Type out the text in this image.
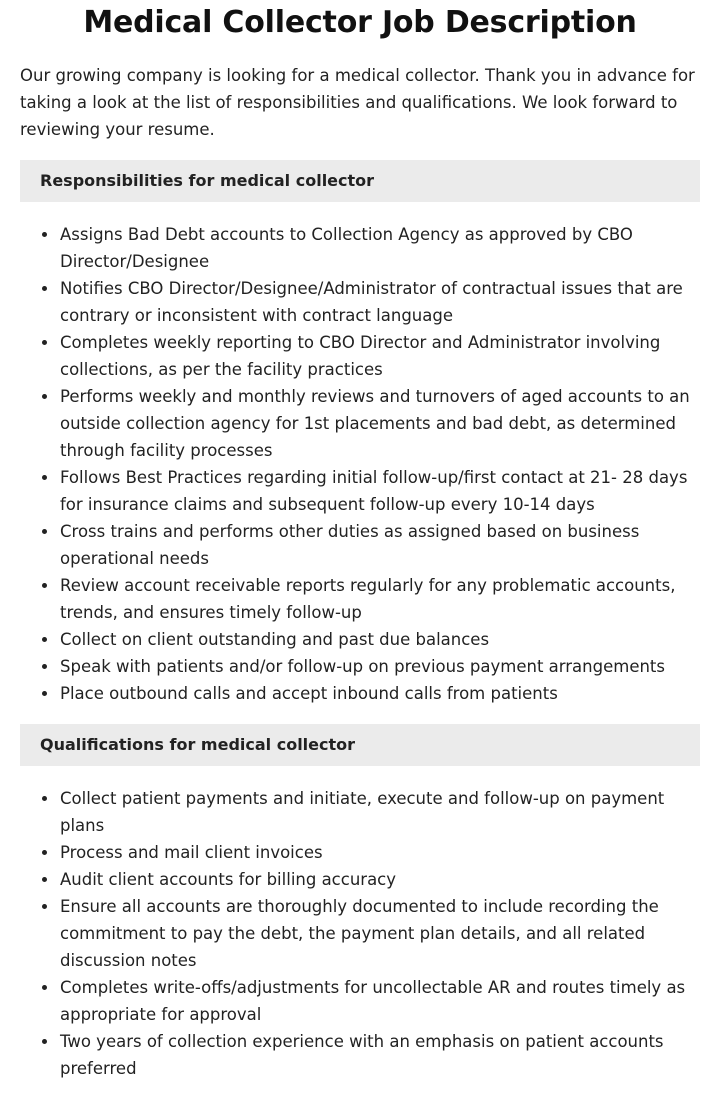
Medical Collector Job Description

Our growing company is looking for a medical collector. Thank you in advance for taking a look at the list of responsibilities and qualifications. We look forward to reviewing your resume.

Responsibilities for medical collector
Assigns Bad Debt accounts to Collection Agency as approved by CBO Director/Designee
Notifies CBO Director/Designee/Administrator of contractual issues that are contrary or inconsistent with contract language
Completes weekly reporting to CBO Director and Administrator involving collections, as per the facility practices
Performs weekly and monthly reviews and turnovers of aged accounts to an outside collection agency for 1st placements and bad debt, as determined through facility processes
Follows Best Practices regarding initial follow-up/first contact at 21- 28 days for insurance claims and subsequent follow-up every 10-14 days
Cross trains and performs other duties as assigned based on business operational needs
Review account receivable reports regularly for any problematic accounts, trends, and ensures timely follow-up
Collect on client outstanding and past due balances
Speak with patients and/or follow-up on previous payment arrangements
Place outbound calls and accept inbound calls from patients
Qualifications for medical collector
Collect patient payments and initiate, execute and follow-up on payment plans
Process and mail client invoices
Audit client accounts for billing accuracy
Ensure all accounts are thoroughly documented to include recording the commitment to pay the debt, the payment plan details, and all related discussion notes
Completes write-offs/adjustments for uncollectable AR and routes timely as appropriate for approval
Two years of collection experience with an emphasis on patient accounts preferred
